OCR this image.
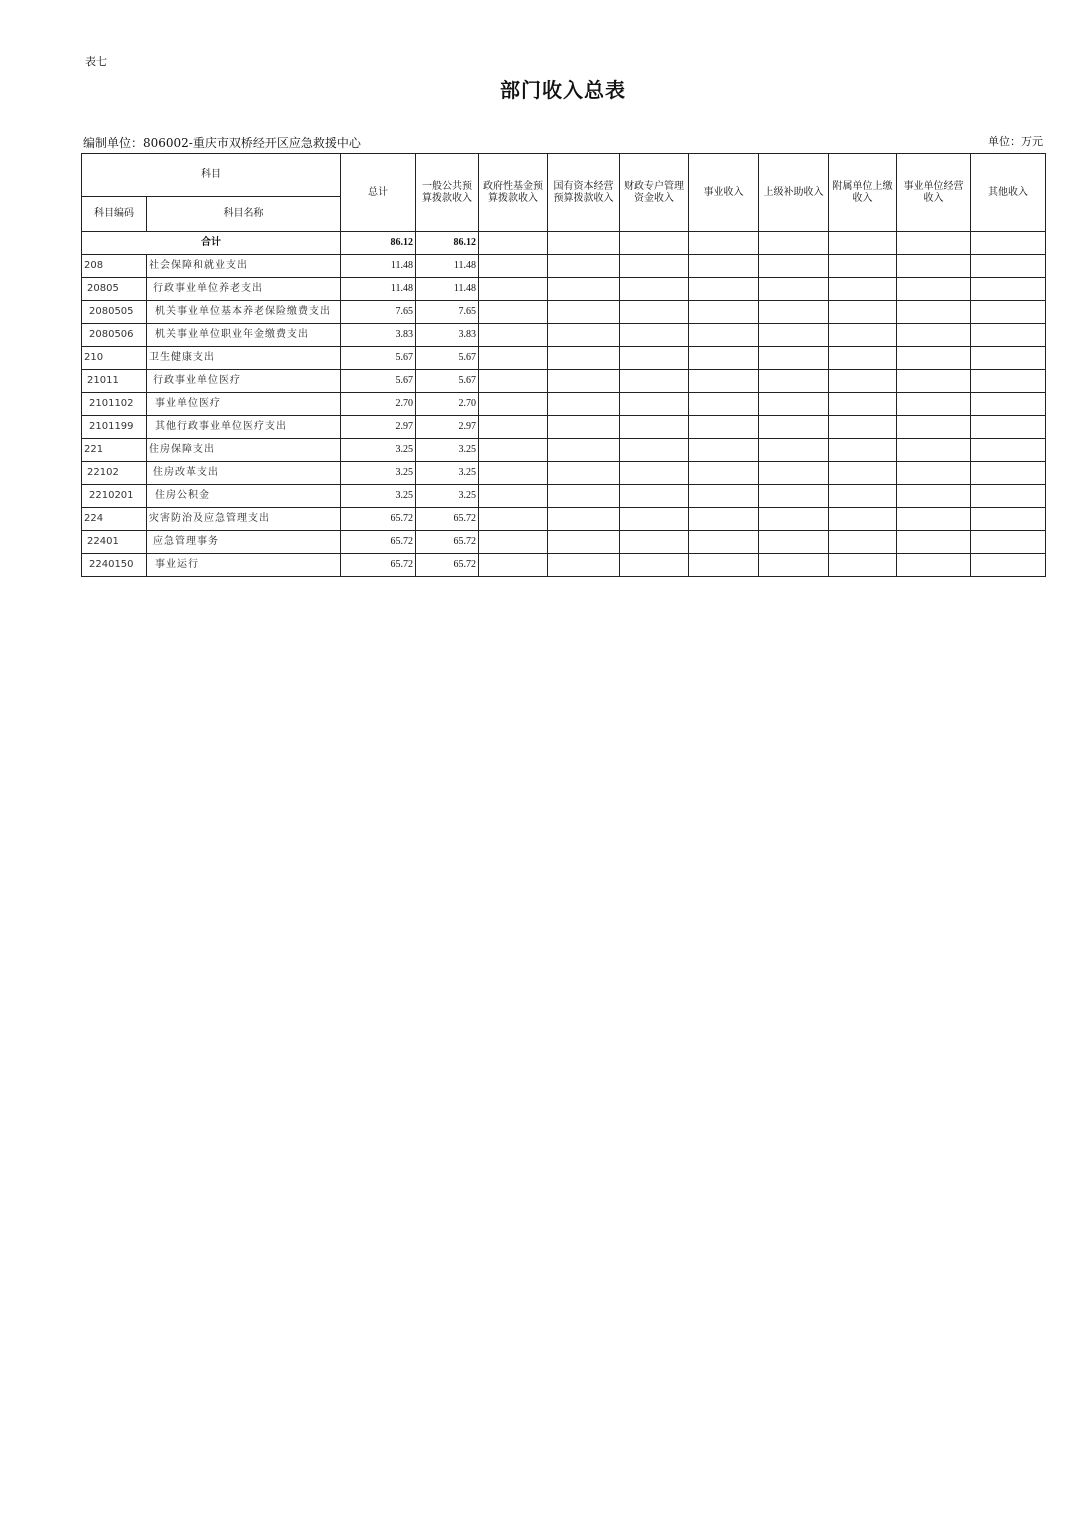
表七
部门收入总表
编制单位：806002-重庆市双桥经开区应急救援中心	单位：万元
科目		总计	一般公共预算拨款收入	政府性基金预算拨款收入	国有资本经营预算拨款收入	财政专户管理资金收入	事业收入	上级补助收入	附属单位上缴收入	事业单位经营收入	其他收入
科目编码	科目名称										
合计		86.12	86.12								
208	社会保障和就业支出	11.48	11.48								
20805	行政事业单位养老支出	11.48	11.48								
2080505	机关事业单位基本养老保险缴费支出	7.65	7.65								
2080506	机关事业单位职业年金缴费支出	3.83	3.83								
210	卫生健康支出	5.67	5.67								
21011	行政事业单位医疗	5.67	5.67								
2101102	事业单位医疗	2.70	2.70								
2101199	其他行政事业单位医疗支出	2.97	2.97								
221	住房保障支出	3.25	3.25								
22102	住房改革支出	3.25	3.25								
2210201	住房公积金	3.25	3.25								
224	灾害防治及应急管理支出	65.72	65.72								
22401	应急管理事务	65.72	65.72								
2240150	事业运行	65.72	65.72								
